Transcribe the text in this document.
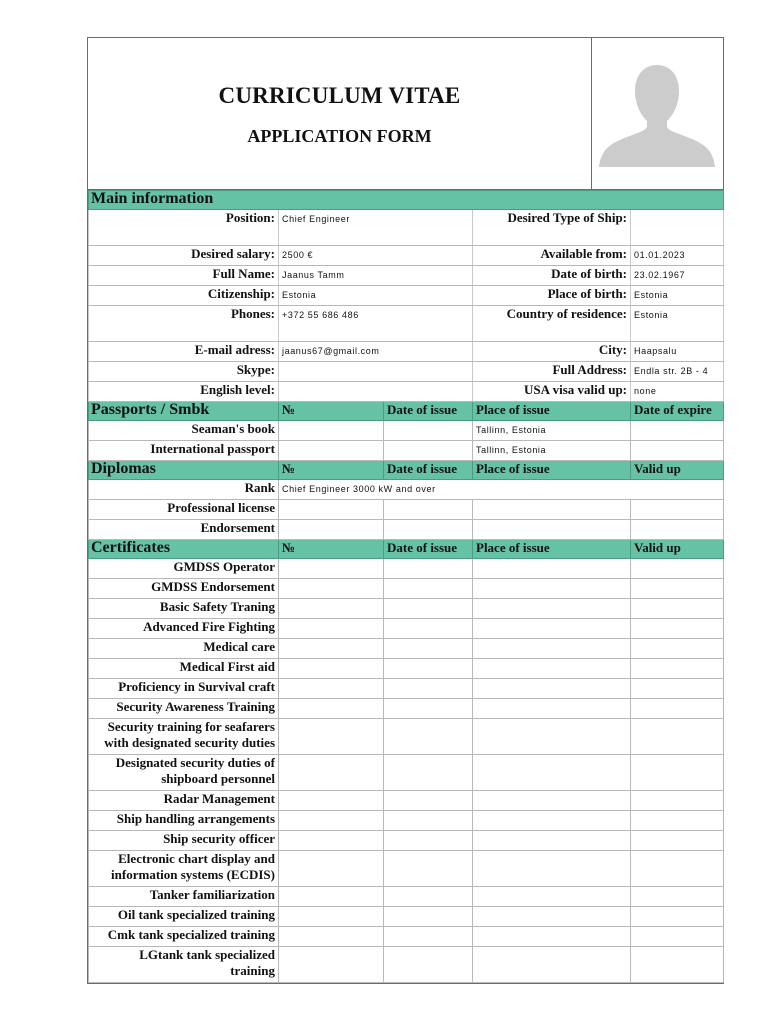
CURRICULUM VITAE
APPLICATION FORM
Main information				
Position:	Chief Engineer		Desired Type of Ship:	
Desired salary:	2500 €		Available from:	01.01.2023
Full Name:	Jaanus Tamm		Date of birth:	23.02.1967
Citizenship:	Estonia		Place of birth:	Estonia
Phones:	+372 55 686 486		Country of residence:	Estonia
E-mail adress:	jaanus67@gmail.com		City:	Haapsalu
Skype:			Full Address:	Endla str. 2B - 4
English level:			USA visa valid up:	none
Passports / Smbk	№	Date of issue	Place of issue	Date of expire
Seaman's book			Tallinn, Estonia	
International passport			Tallinn, Estonia	
Diplomas	№	Date of issue	Place of issue	Valid up
Rank	Chief Engineer 3000 kW and over			
Professional license				
Endorsement				
Certificates	№	Date of issue	Place of issue	Valid up
GMDSS Operator				
GMDSS Endorsement				
Basic Safety Traning				
Advanced Fire Fighting				
Medical care				
Medical First aid				
Proficiency in Survival craft				
Security Awareness Training				
Security training for seafarers with designated security duties				
Designated security duties of shipboard personnel				
Radar Management				
Ship handling arrangements				
Ship security officer				
Electronic chart display and information systems (ECDIS)				
Tanker familiarization				
Oil tank specialized training				
Cmk tank specialized training				
LGtank tank specialized training				
